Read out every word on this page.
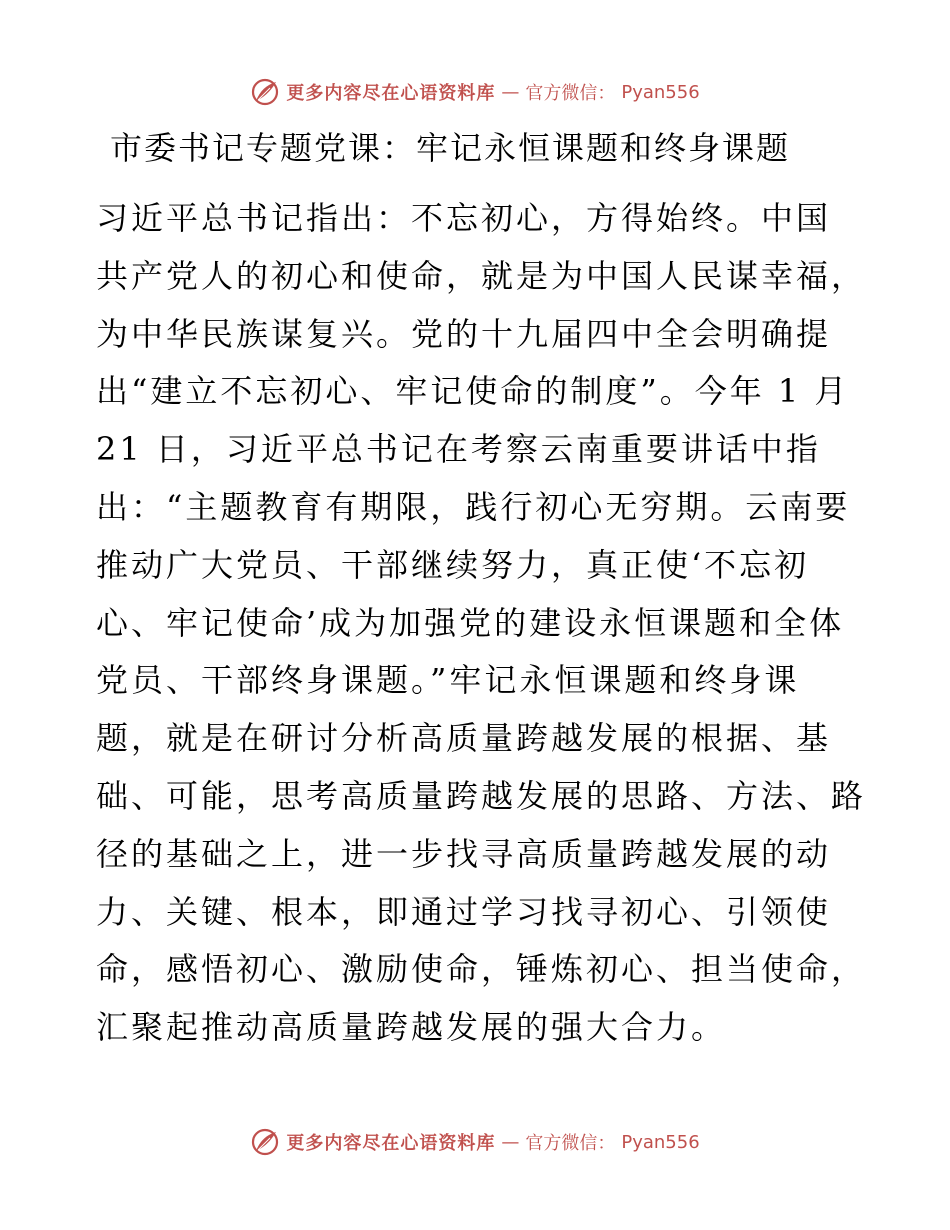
更多内容尽在心语资料库 — 官方微信： Pyan556
市委书记专题党课：牢记永恒课题和终身课题
习近平总书记指出：不忘初心，方得始终。中国
共产党人的初心和使命，就是为中国人民谋幸福，
为中华民族谋复兴。党的十九届四中全会明确提
出“建立不忘初心、牢记使命的制度”。今年 1 月
21 日，习近平总书记在考察云南重要讲话中指
出：“主题教育有期限，践行初心无穷期。云南要
推动广大党员、干部继续努力，真正使‘不忘初
心、牢记使命’成为加强党的建设永恒课题和全体
党员、干部终身课题。”牢记永恒课题和终身课
题，就是在研讨分析高质量跨越发展的根据、基
础、可能，思考高质量跨越发展的思路、方法、路
径的基础之上，进一步找寻高质量跨越发展的动
力、关键、根本，即通过学习找寻初心、引领使
命，感悟初心、激励使命，锤炼初心、担当使命，
汇聚起推动高质量跨越发展的强大合力。
更多内容尽在心语资料库 — 官方微信： Pyan556
